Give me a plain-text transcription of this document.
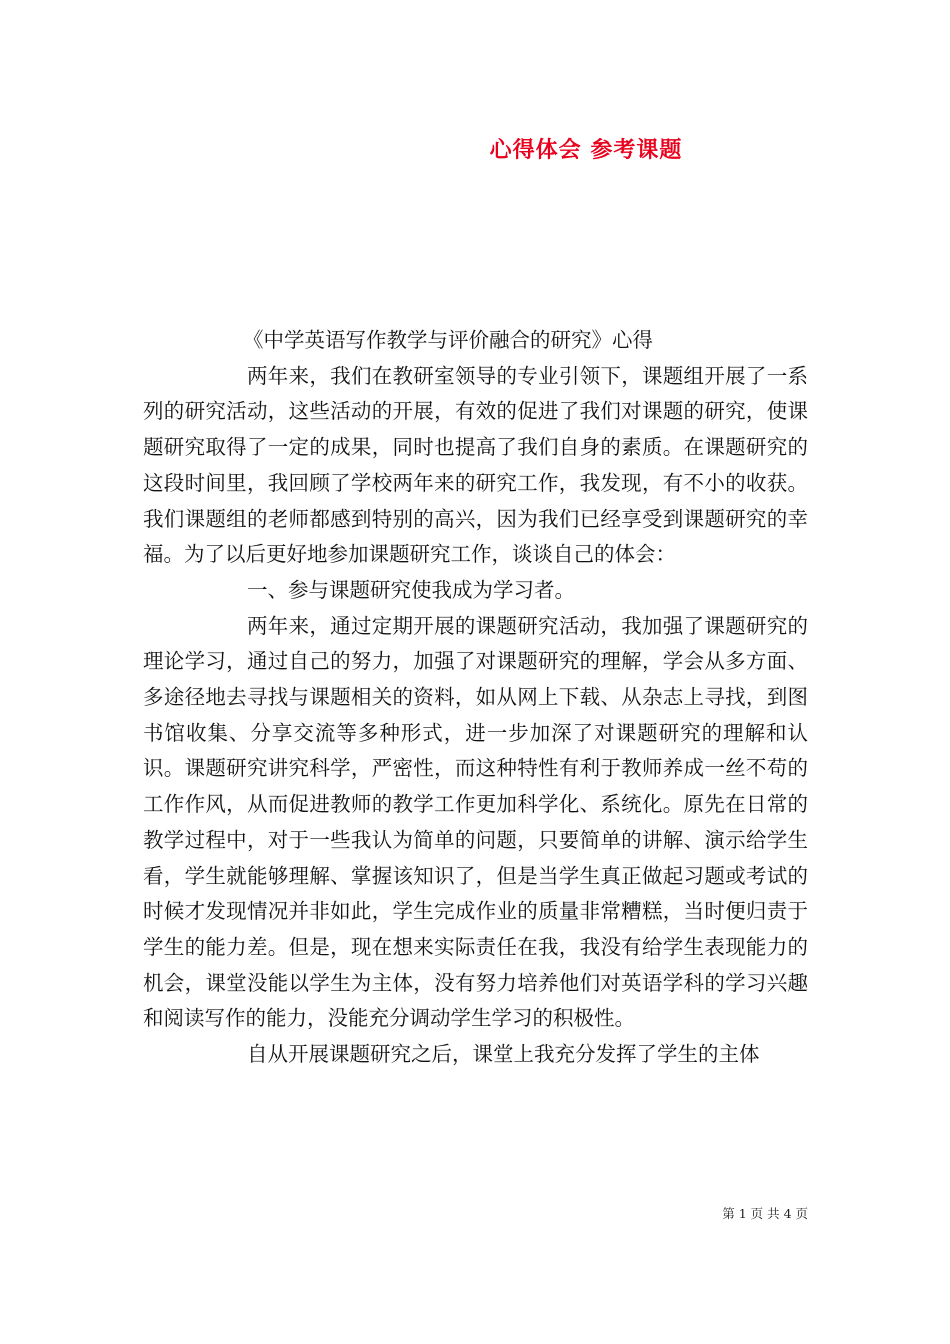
心得体会 参考课题

《中学英语写作教学与评价融合的研究》心得

两年来，我们在教研室领导的专业引领下，课题组开展了一系列的研究活动，这些活动的开展，有效的促进了我们对课题的研究，使课题研究取得了一定的成果，同时也提高了我们自身的素质。在课题研究的这段时间里，我回顾了学校两年来的研究工作，我发现，有不小的收获。我们课题组的老师都感到特别的高兴，因为我们已经享受到课题研究的幸福。为了以后更好地参加课题研究工作，谈谈自己的体会：

一、参与课题研究使我成为学习者。

两年来，通过定期开展的课题研究活动，我加强了课题研究的理论学习，通过自己的努力，加强了对课题研究的理解，学会从多方面、多途径地去寻找与课题相关的资料，如从网上下载、从杂志上寻找，到图书馆收集、分享交流等多种形式，进一步加深了对课题研究的理解和认识。课题研究讲究科学，严密性，而这种特性有利于教师养成一丝不苟的工作作风，从而促进教师的教学工作更加科学化、系统化。原先在日常的教学过程中，对于一些我认为简单的问题，只要简单的讲解、演示给学生看，学生就能够理解、掌握该知识了，但是当学生真正做起习题或考试的时候才发现情况并非如此，学生完成作业的质量非常糟糕，当时便归责于学生的能力差。但是，现在想来实际责任在我，我没有给学生表现能力的机会，课堂没能以学生为主体，没有努力培养他们对英语学科的学习兴趣和阅读写作的能力，没能充分调动学生学习的积极性。

自从开展课题研究之后，课堂上我充分发挥了学生的主体

第 1 页 共 4 页
